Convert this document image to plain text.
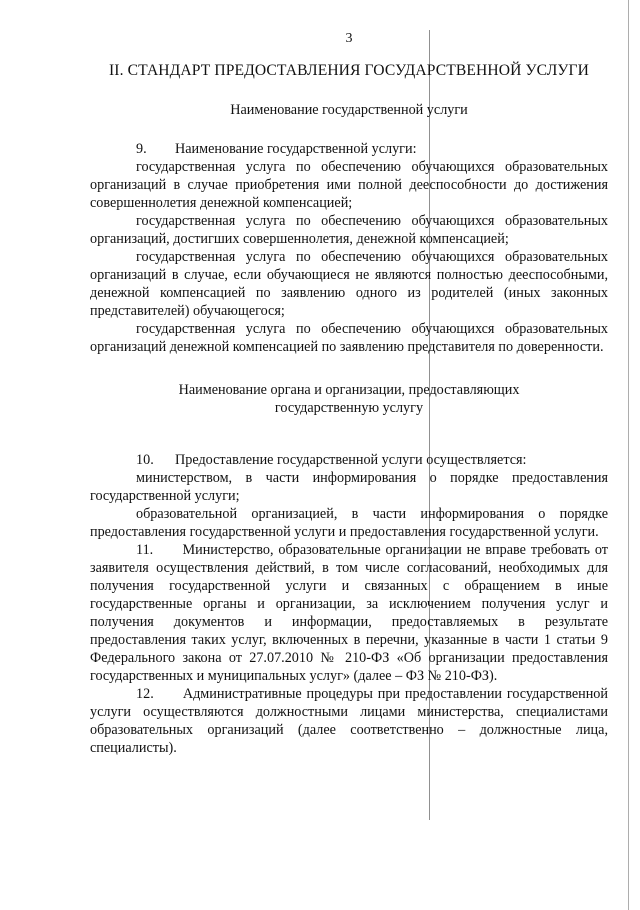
3
II. СТАНДАРТ ПРЕДОСТАВЛЕНИЯ ГОСУДАРСТВЕННОЙ УСЛУГИ
Наименование государственной услуги

9.        Наименование государственной услуги:

государственная услуга по обеспечению обучающихся образовательных организаций в случае приобретения ими полной дееспособности до достижения совершеннолетия денежной компенсацией;

государственная услуга по обеспечению обучающихся образовательных организаций, достигших совершеннолетия, денежной компенсацией;

государственная услуга по обеспечению обучающихся образовательных организаций в случае, если обучающиеся не являются полностью дееспособными, денежной компенсацией по заявлению одного из родителей (иных законных представителей) обучающегося;

государственная услуга по обеспечению обучающихся образовательных организаций денежной компенсацией по заявлению представителя по доверенности.

Наименование органа и организации, предоставляющих
государственную услугу

10.      Предоставление государственной услуги осуществляется:

министерством, в части информирования о порядке предоставления государственной услуги;

образовательной организацией, в части информирования о порядке предоставления государственной услуги и предоставления государственной услуги.

11.      Министерство, образовательные организации не вправе требовать от заявителя осуществления действий, в том числе согласований, необходимых для получения государственной услуги и связанных с обращением в иные государственные органы и организации, за исключением получения услуг и получения документов и информации, предоставляемых в результате предоставления таких услуг, включенных в перечни, указанные в части 1 статьи 9 Федерального закона от 27.07.2010 № 210-ФЗ «Об организации предоставления государственных и муниципальных услуг» (далее – ФЗ № 210-ФЗ).

12.      Административные процедуры при предоставлении государственной услуги осуществляются должностными лицами министерства, специалистами образовательных организаций (далее соответственно – должностные лица, специалисты).
